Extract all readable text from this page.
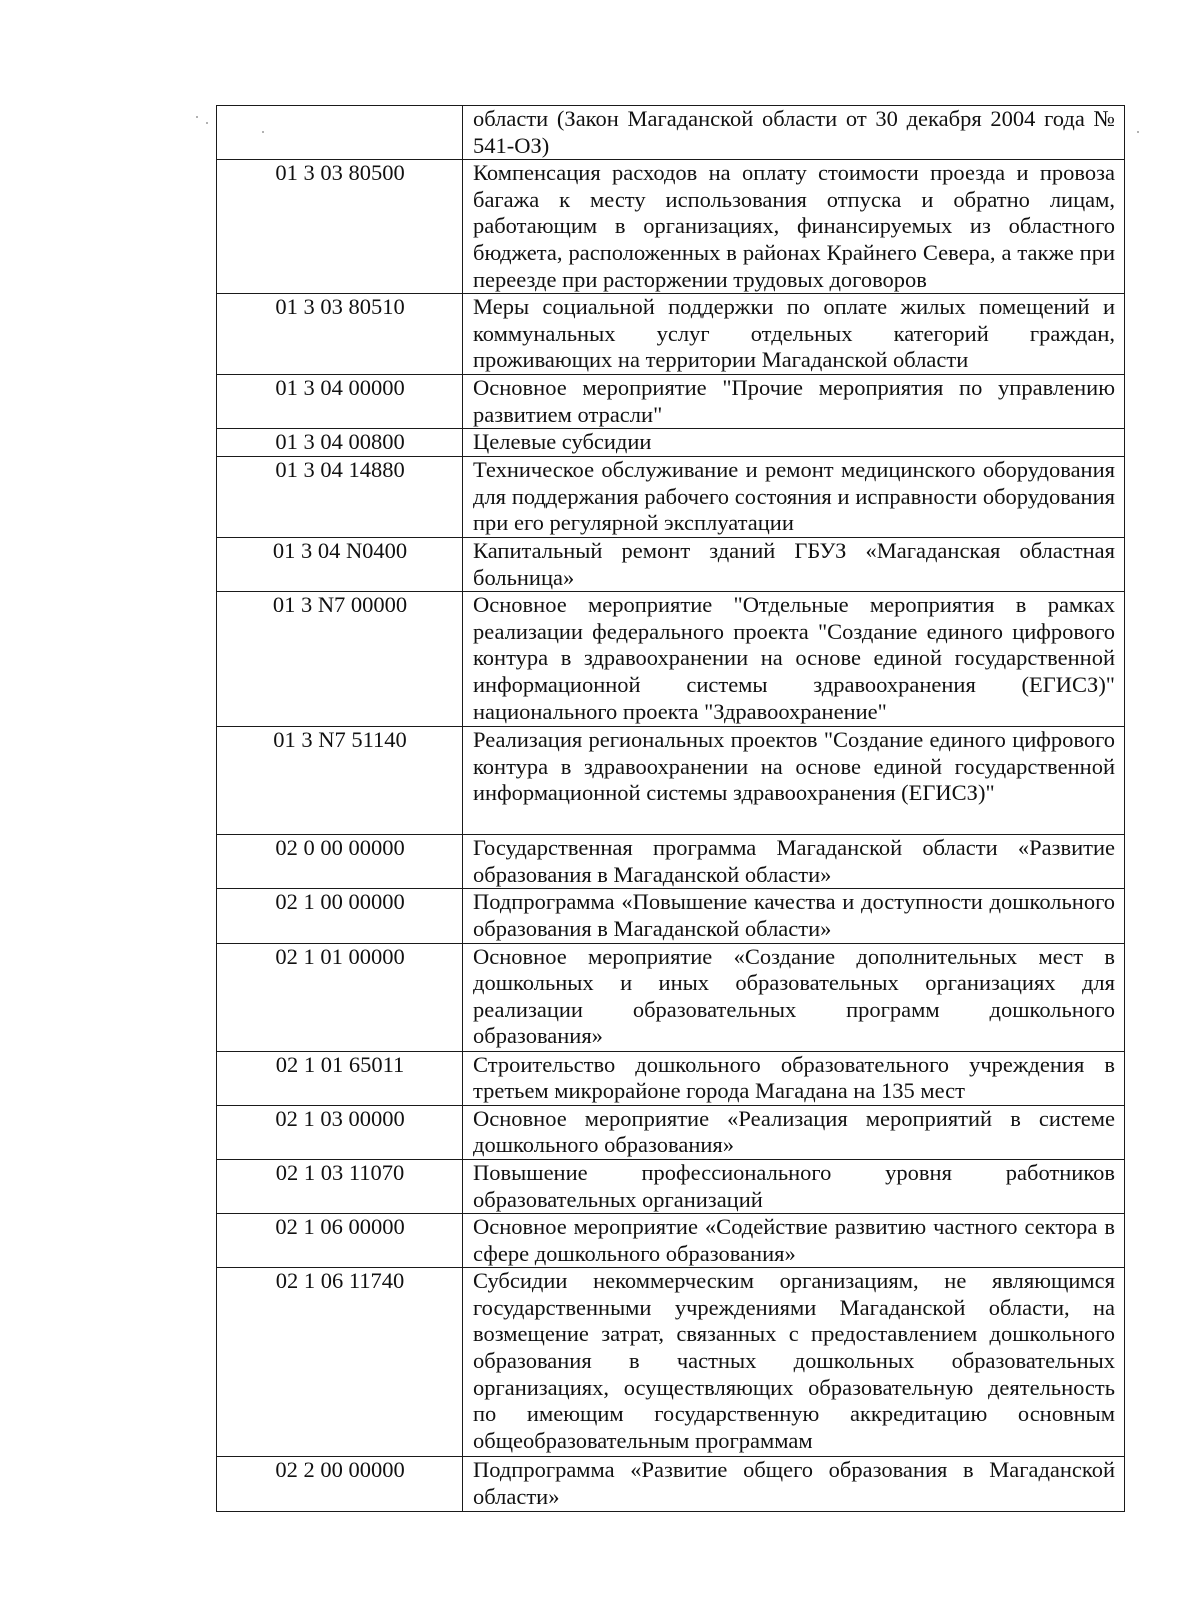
	области (Закон Магаданской области от 30 декабря 2004 года № 541-ОЗ)
01 3 03 80500	Компенсация расходов на оплату стоимости проезда и провоза багажа к месту использования отпуска и обратно лицам, работающим в организациях, финансируемых из областного бюджета, расположенных в районах Крайнего Севера, а также при переезде при расторжении трудовых договоров
01 3 03 80510	Меры социальной поддержки по оплате жилых помещений и коммунальных услуг отдельных категорий граждан, проживающих на территории Магаданской области
01 3 04 00000	Основное мероприятие "Прочие мероприятия по управлению развитием отрасли"
01 3 04 00800	Целевые субсидии
01 3 04 14880	Техническое обслуживание и ремонт медицинского оборудования для поддержания рабочего состояния и исправности оборудования при его регулярной эксплуатации
01 3 04 N0400	Капитальный ремонт зданий ГБУЗ «Магаданская областная больница»
01 3 N7 00000	Основное мероприятие "Отдельные мероприятия в рамках реализации федерального проекта "Создание единого цифрового контура в здравоохранении на основе единой государственной информационной системы здравоохранения (ЕГИСЗ)" национального проекта "Здравоохранение"
01 3 N7 51140	Реализация региональных проектов "Создание единого цифрового контура в здравоохранении на основе единой государственной информационной системы здравоохранения (ЕГИСЗ)"
02 0 00 00000	Государственная программа Магаданской области «Развитие образования в Магаданской области»
02 1 00 00000	Подпрограмма «Повышение качества и доступности дошкольного образования в Магаданской области»
02 1 01 00000	Основное мероприятие «Создание дополнительных мест в дошкольных и иных образовательных организациях для реализации образовательных программ дошкольного образования»
02 1 01 65011	Строительство дошкольного образовательного учреждения в третьем микрорайоне города Магадана на 135 мест
02 1 03 00000	Основное мероприятие «Реализация мероприятий в системе дошкольного образования»
02 1 03 11070	Повышение профессионального уровня работников образовательных организаций
02 1 06 00000	Основное мероприятие «Содействие развитию частного сектора в сфере дошкольного образования»
02 1 06 11740	Субсидии некоммерческим организациям, не являющимся государственными учреждениями Магаданской области, на возмещение затрат, связанных с предоставлением дошкольного образования в частных дошкольных образовательных организациях, осуществляющих образовательную деятельность по имеющим государственную аккредитацию основным общеобразовательным программам
02 2 00 00000	Подпрограмма «Развитие общего образования в Магаданской области»
